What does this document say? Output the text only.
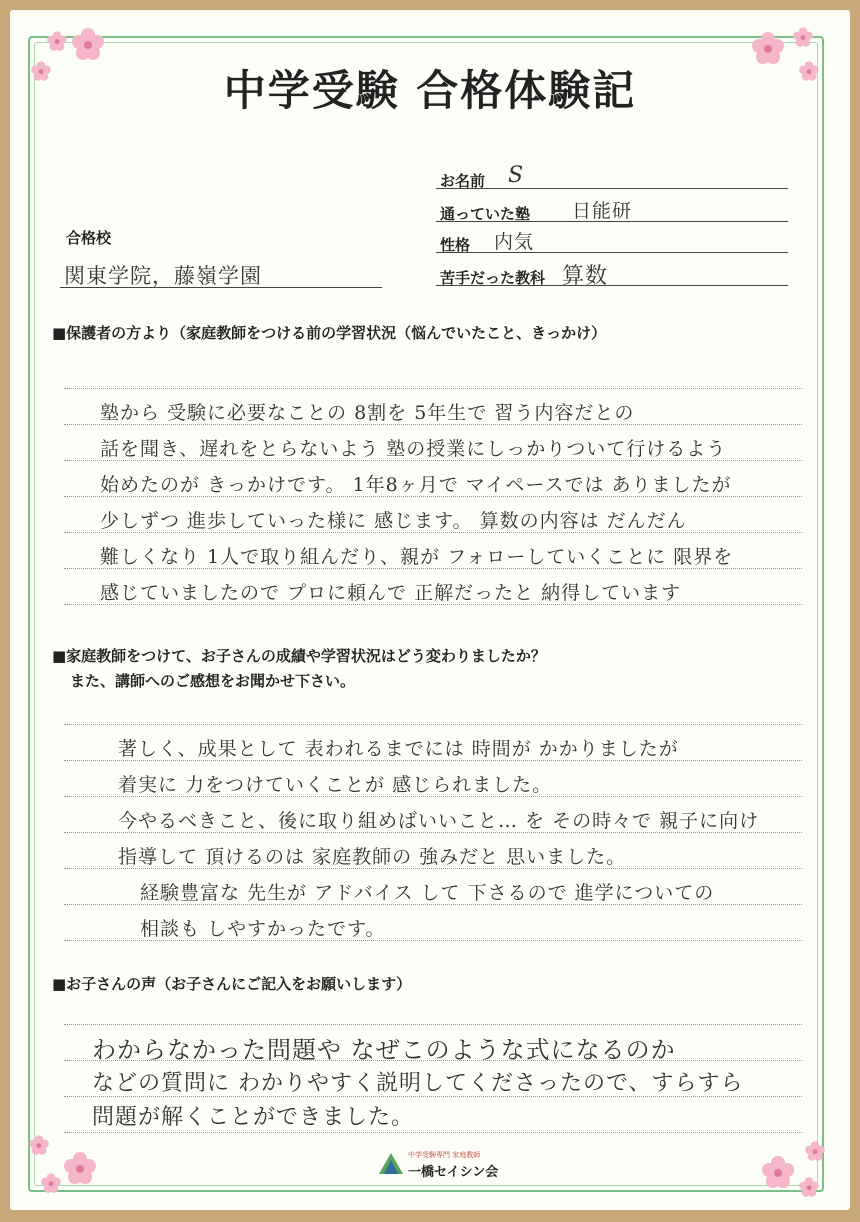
中学受験 合格体験記
お名前 S
通っていた塾 日能研
性格 内気
苦手だった教科 算数
合格校
関東学院，藤嶺学園
■保護者の方より（家庭教師をつける前の学習状況（悩んでいたこと、きっかけ）
塾から 受験に必要なことの 8割を 5年生で 習う内容だとの
話を聞き、遅れをとらないよう 塾の授業にしっかりついて行けるよう
始めたのが きっかけです。 1年8ヶ月で マイペースでは ありましたが
少しずつ 進歩していった様に 感じます。 算数の内容は だんだん
難しくなり 1人で取り組んだり、親が フォローしていくことに 限界を
感じていましたので プロに頼んで 正解だったと 納得しています
■家庭教師をつけて、お子さんの成績や学習状況はどう変わりましたか？
また、講師へのご感想をお聞かせ下さい。
著しく、成果として 表われるまでには 時間が かかりましたが
着実に 力をつけていくことが 感じられました。
今やるべきこと、後に取り組めばいいこと… を その時々で 親子に向け
指導して 頂けるのは 家庭教師の 強みだと 思いました。
経験豊富な 先生が アドバイス して 下さるので 進学についての
相談も しやすかったです。
■お子さんの声（お子さんにご記入をお願いします）
わからなかった問題や なぜこのような式になるのか
などの質問に わかりやすく説明してくださったので、すらすら
問題が解くことができました。
中学受験専門 家庭教師
一橋セイシン会
